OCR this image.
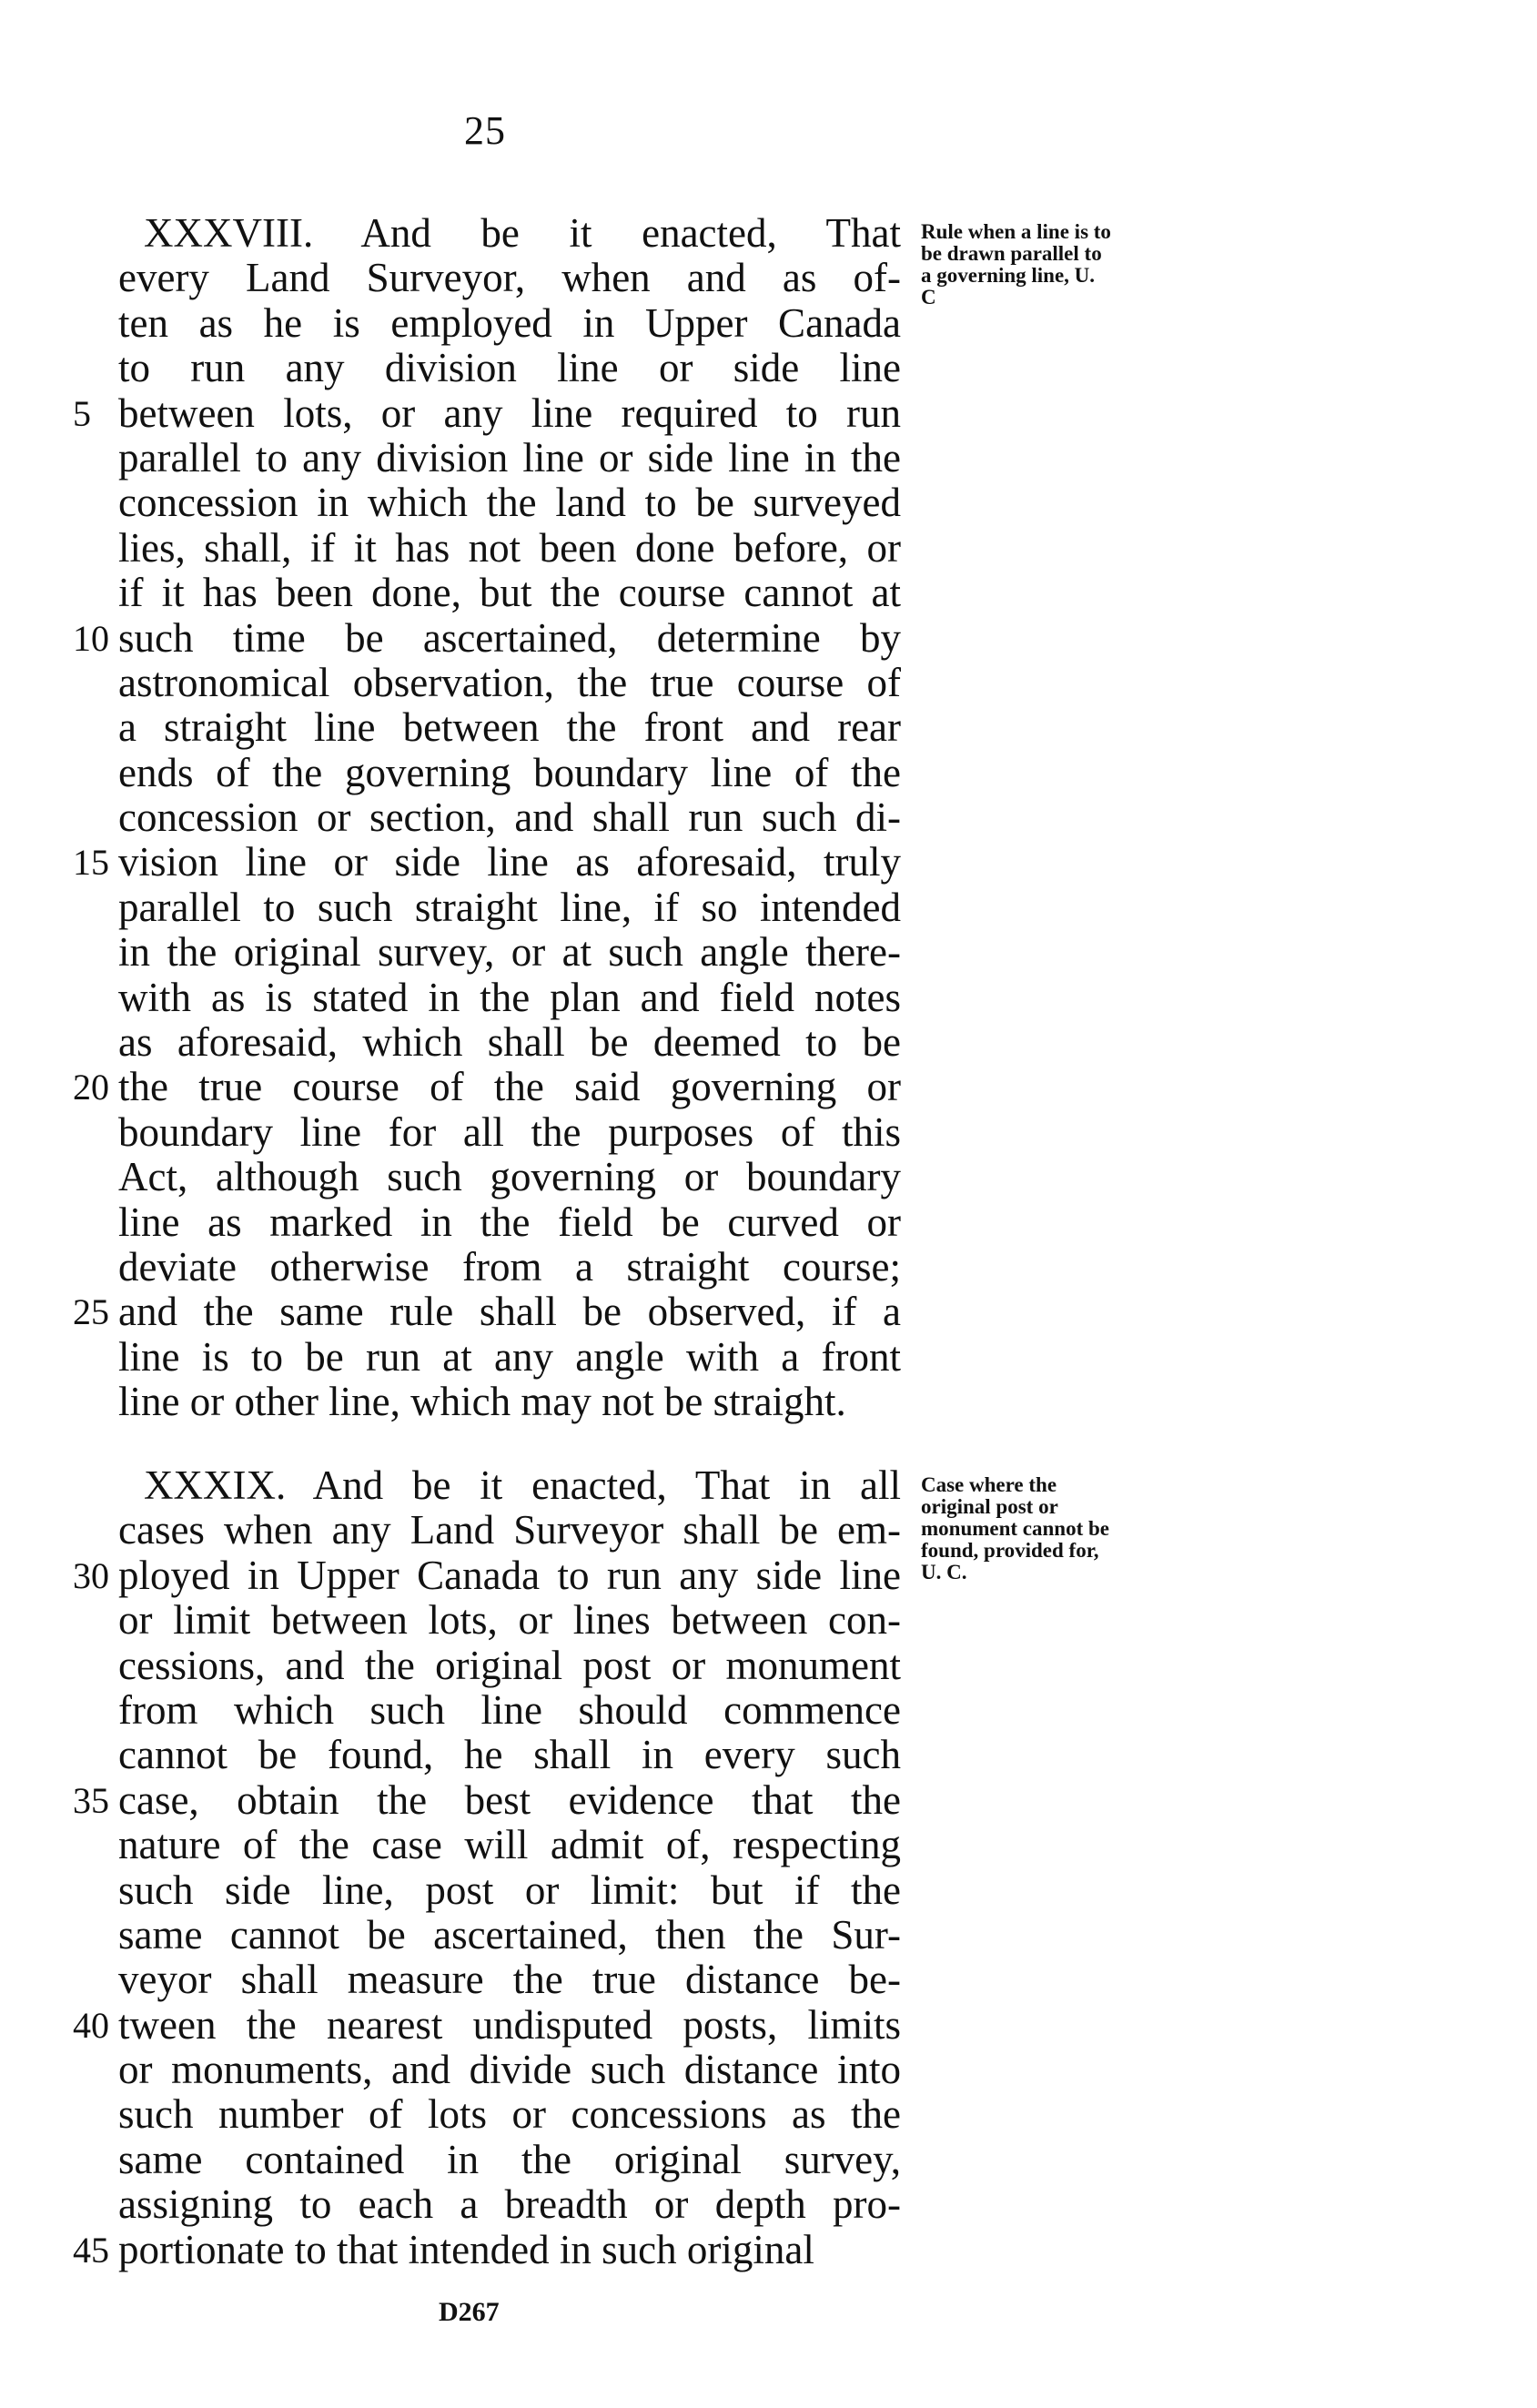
25
XXXVIII. And be it enacted, That
every Land Surveyor, when and as of-
ten as he is employed in Upper Canada
to run any division line or side line
5 between lots, or any line required to run
parallel to any division line or side line in the
concession in which the land to be surveyed
lies, shall, if it has not been done before, or
if it has been done, but the course cannot at
10 such time be ascertained, determine by
astronomical observation, the true course of
a straight line between the front and rear
ends of the governing boundary line of the
concession or section, and shall run such di-
15 vision line or side line as aforesaid, truly
parallel to such straight line, if so intended
in the original survey, or at such angle there-
with as is stated in the plan and field notes
as aforesaid, which shall be deemed to be
20 the true course of the said governing or
boundary line for all the purposes of this
Act, although such governing or boundary
line as marked in the field be curved or
deviate otherwise from a straight course;
25 and the same rule shall be observed, if a
line is to be run at any angle with a front
line or other line, which may not be straight.
Rule when a line is to be drawn parallel to a governing line, U. C
XXXIX. And be it enacted, That in all
cases when any Land Surveyor shall be em-
30 ployed in Upper Canada to run any side line
or limit between lots, or lines between con-
cessions, and the original post or monument
from which such line should commence
cannot be found, he shall in every such
35 case, obtain the best evidence that the
nature of the case will admit of, respecting
such side line, post or limit: but if the
same cannot be ascertained, then the Sur-
veyor shall measure the true distance be-
40 tween the nearest undisputed posts, limits
or monuments, and divide such distance into
such number of lots or concessions as the
same contained in the original survey,
assigning to each a breadth or depth pro-
45 portionate to that intended in such original
Case where the original post or monument cannot be found, provided for, U. C.
D267
